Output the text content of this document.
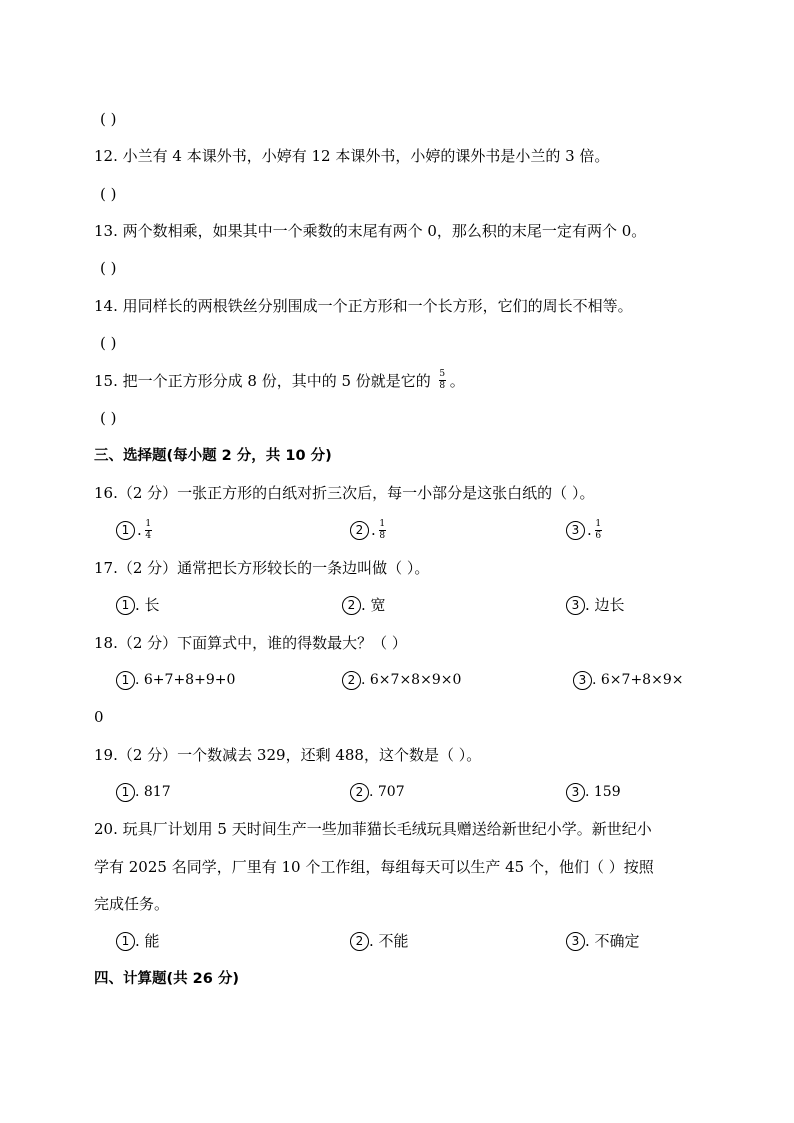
( )
12. 小兰有 4 本课外书，小婷有 12 本课外书，小婷的课外书是小兰的 3 倍。
( )
13. 两个数相乘，如果其中一个乘数的末尾有两个 0，那么积的末尾一定有两个 0。
( )
14. 用同样长的两根铁丝分别围成一个正方形和一个长方形，它们的周长不相等。
( )
15. 把一个正方形分成 8 份，其中的 5 份就是它的 $\frac{5}{8}$ 。
( )
三、选择题(每小题 2 分，共 10 分)
16.（2 分）一张正方形的白纸对折三次后，每一小部分是这张白纸的（ ）。
1 . $\frac{1}{4}$	2 . $\frac{1}{8}$	3 . $\frac{1}{6}$
17.（2 分）通常把长方形较长的一条边叫做（ ）。
1 . 长	2 . 宽	3 . 边长
18.（2 分）下面算式中，谁的得数最大？（ ）
1 . 6+7+8+9+0	2 . 6×7×8×9×0	3 . 6×7+8×9×
0
19.（2 分）一个数减去 329，还剩 488，这个数是（ ）。
1 . 817	2 . 707	3 . 159
20. 玩具厂计划用 5 天时间生产一些加菲猫长毛绒玩具赠送给新世纪小学。新世纪小
学有 2025 名同学，厂里有 10 个工作组，每组每天可以生产 45 个，他们（ ）按照
完成任务。
1 . 能	2 . 不能	3 . 不确定
四、计算题(共 26 分)
